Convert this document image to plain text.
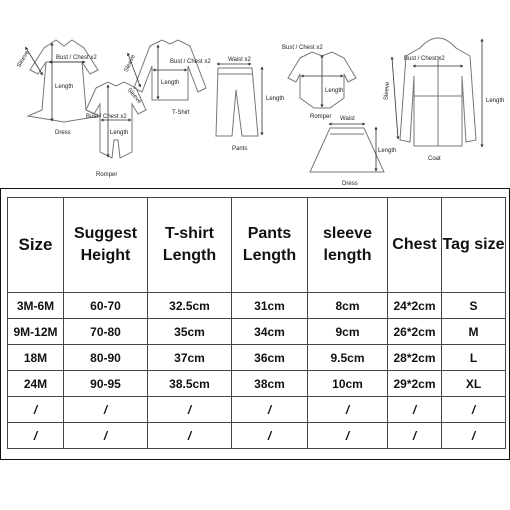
Sleeve	Bust / Chest x2
Length
Dress
Sleeve
Bust / Chest x2
Length
Romper
Sleeve	Bust / Chest x2
Length
T-Shirt
Waist x2
Length
Pants
Bust / Chest x2
Length
Romper Waist
Length
Dress
Bust / Chest x2
Sleeve
Length
Coat
Size	Suggest Height	T-shirt Length	Pants Length	sleeve length	Chest	Tag size
3M-6M	60-70	32.5cm	31cm	8cm	24*2cm	S
9M-12M	70-80	35cm	34cm	9cm	26*2cm	M
18M	80-90	37cm	36cm	9.5cm	28*2cm	L
24M	90-95	38.5cm	38cm	10cm	29*2cm	XL
/	/	/	/	/	/	/
/	/	/	/	/	/	/
